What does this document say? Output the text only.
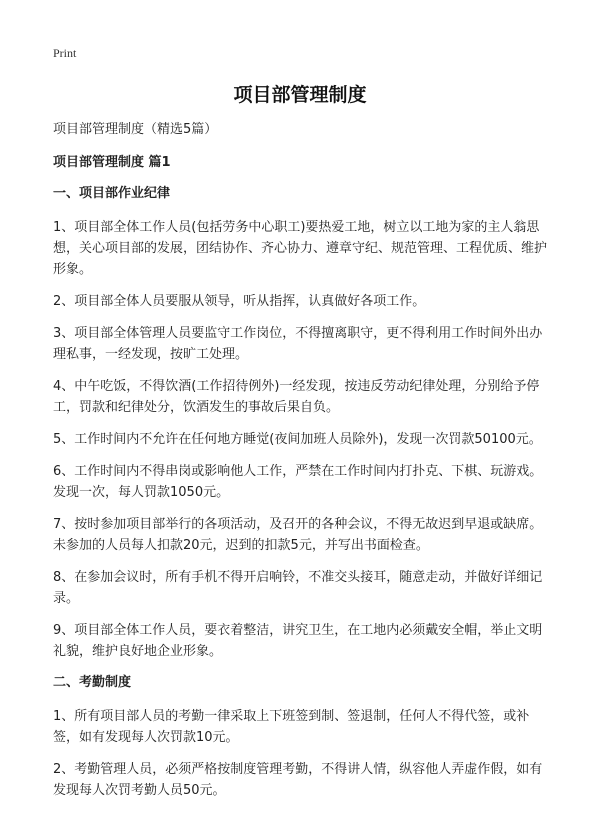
Print
项目部管理制度

项目部管理制度（精选5篇）

项目部管理制度 篇1

一、项目部作业纪律

1、项目部全体工作人员(包括劳务中心职工)要热爱工地，树立以工地为家的主人翁思想，关心项目部的发展，团结协作、齐心协力、遵章守纪、规范管理、工程优质、维护形象。

2、项目部全体人员要服从领导，听从指挥，认真做好各项工作。

3、项目部全体管理人员要监守工作岗位，不得擅离职守，更不得利用工作时间外出办理私事，一经发现，按旷工处理。

4、中午吃饭，不得饮酒(工作招待例外)一经发现，按违反劳动纪律处理，分别给予停工，罚款和纪律处分，饮酒发生的事故后果自负。

5、工作时间内不允许在任何地方睡觉(夜间加班人员除外)，发现一次罚款50100元。

6、工作时间内不得串岗或影响他人工作，严禁在工作时间内打扑克、下棋、玩游戏。发现一次，每人罚款1050元。

7、按时参加项目部举行的各项活动，及召开的各种会议，不得无故迟到早退或缺席。未参加的人员每人扣款20元，迟到的扣款5元，并写出书面检查。

8、在参加会议时，所有手机不得开启响铃，不准交头接耳，随意走动，并做好详细记录。

9、项目部全体工作人员，要衣着整洁，讲究卫生，在工地内必须戴安全帽，举止文明礼貌，维护良好地企业形象。

二、考勤制度

1、所有项目部人员的考勤一律采取上下班签到制、签退制，任何人不得代签，或补签，如有发现每人次罚款10元。

2、考勤管理人员，必须严格按制度管理考勤，不得讲人情，纵容他人弄虚作假，如有发现每人次罚考勤人员50元。
